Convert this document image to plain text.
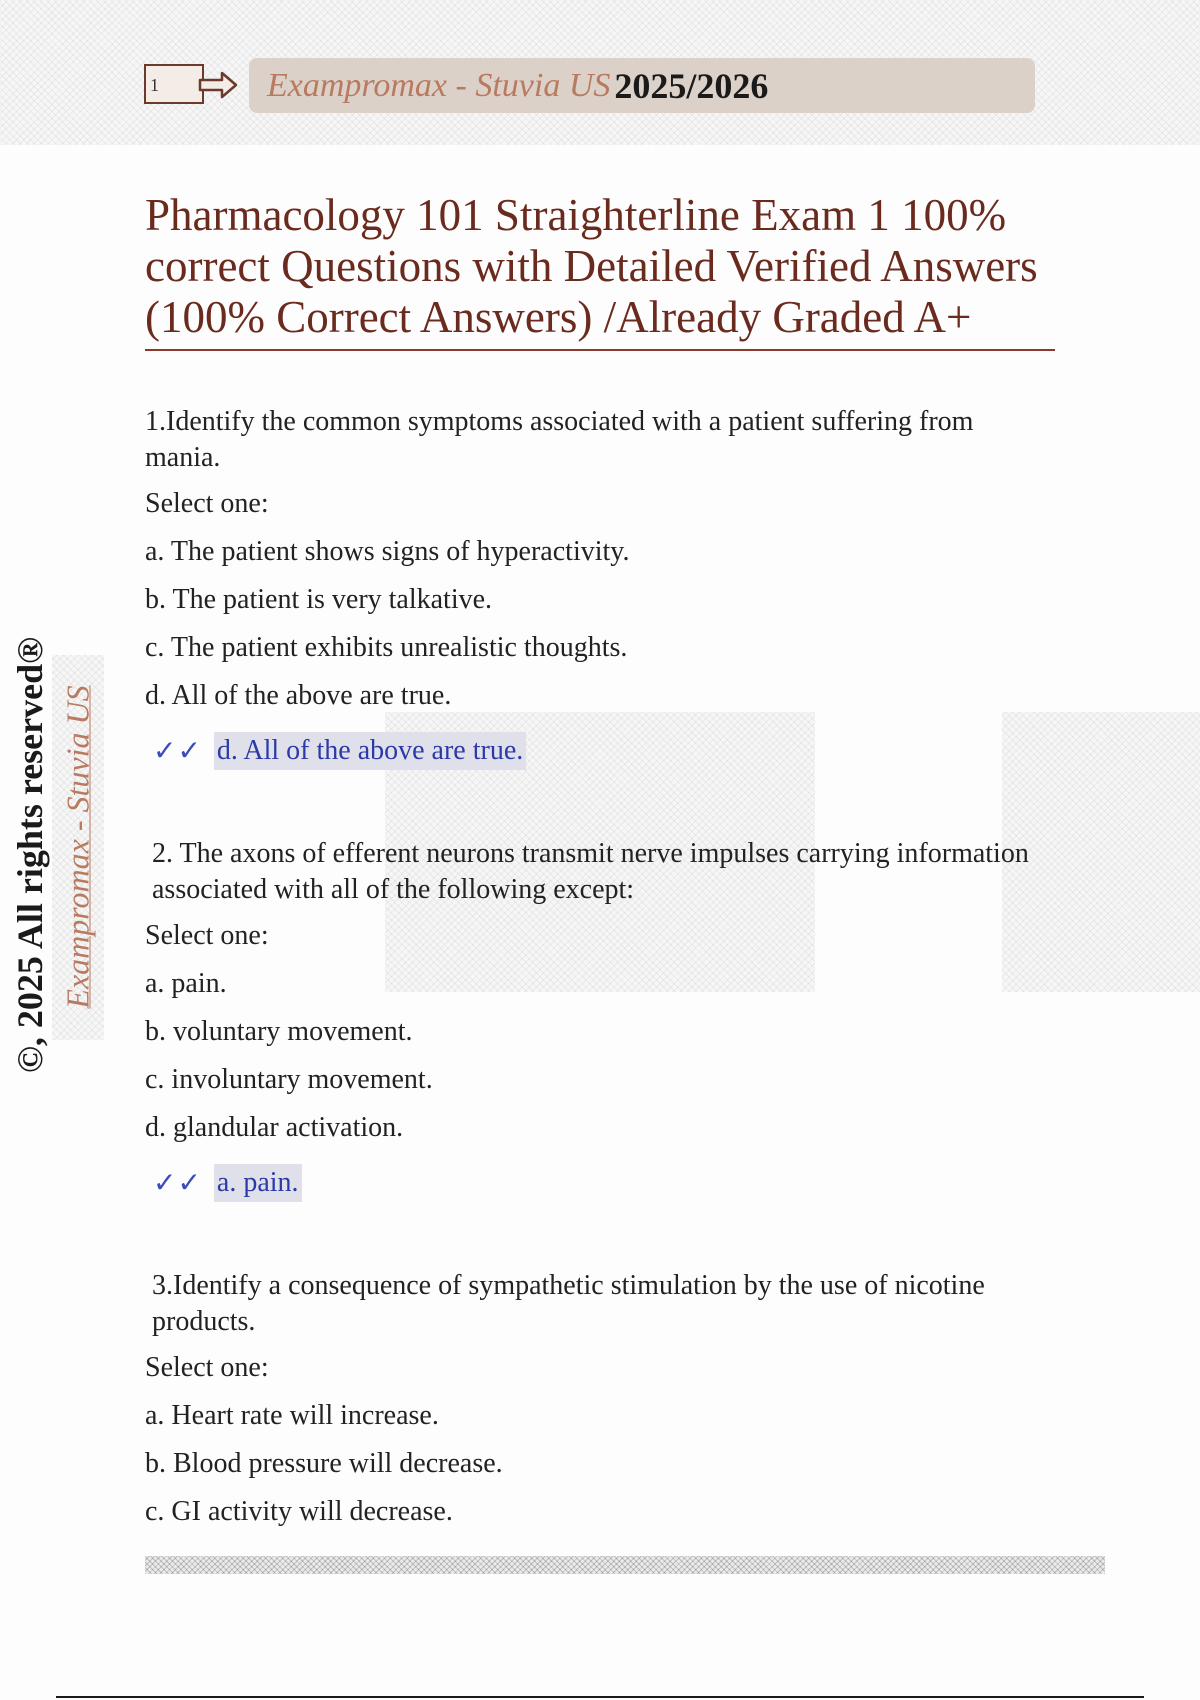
1	Exampromax - Stuvia US 2025/2026
©, 2025 All rights reserved® Exampromax - Stuvia US
Pharmacology 101 Straighterline Exam 1 100% correct Questions with Detailed Verified Answers (100% Correct Answers) /Already Graded A+

1.Identify the common symptoms associated with a patient suffering from mania.

Select one:

a. The patient shows signs of hyperactivity.

b. The patient is very talkative.

c. The patient exhibits unrealistic thoughts.

d. All of the above are true.

✓✓ d. All of the above are true.

2. The axons of efferent neurons transmit nerve impulses carrying information associated with all of the following except:

Select one:

a. pain.

b. voluntary movement.

c. involuntary movement.

d. glandular activation.

✓✓ a. pain.

3.Identify a consequence of sympathetic stimulation by the use of nicotine products.

Select one:

a. Heart rate will increase.

b. Blood pressure will decrease.

c. GI activity will decrease.
